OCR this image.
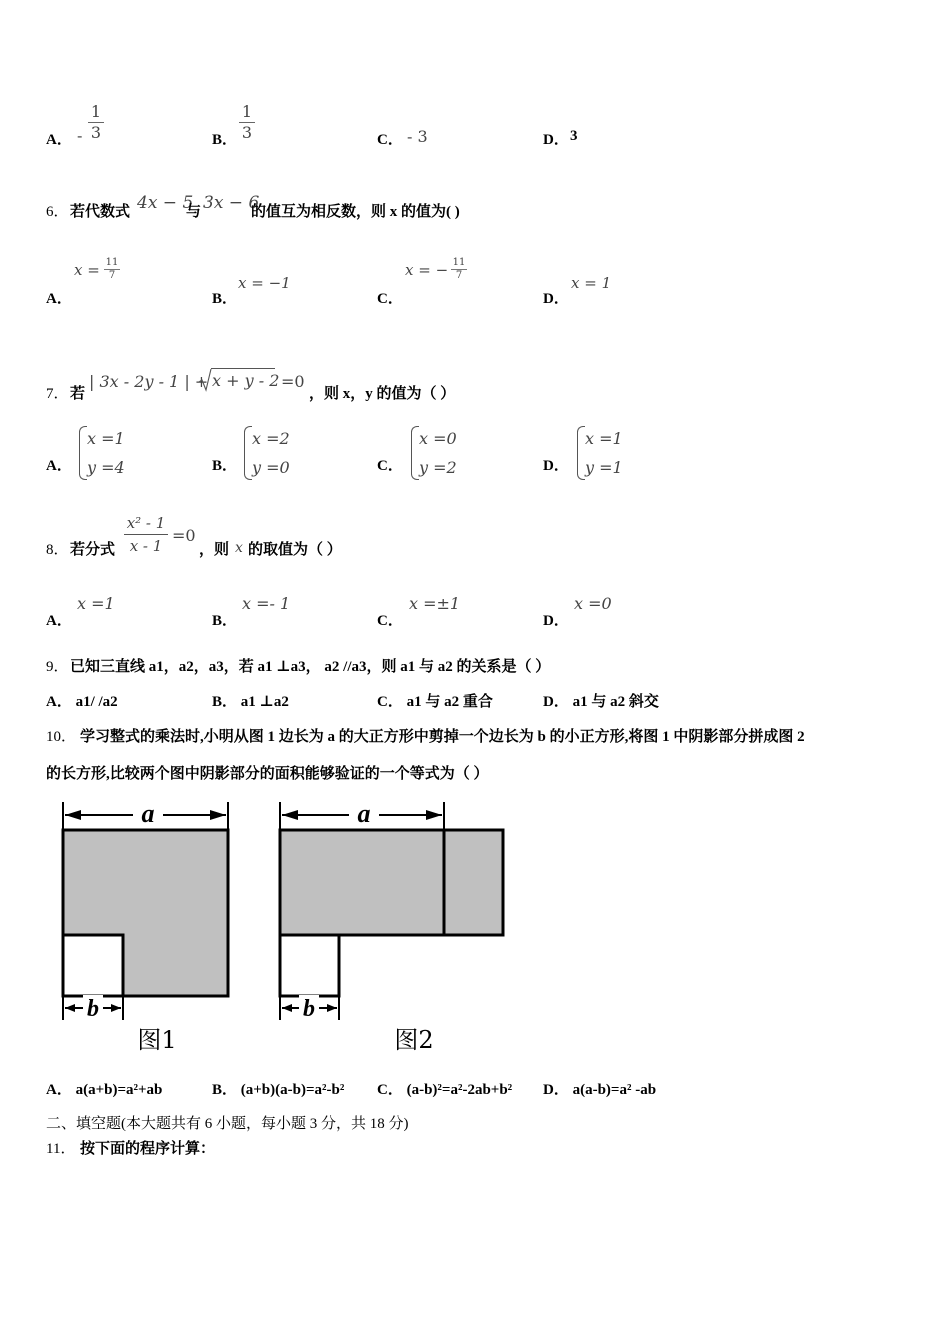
A． - $\frac{1}{3}$	B． $\frac{1}{3}$	C． - 3	D． 3
6． 若代数式 4x − 5
与 3x − 6
的值互为相反数，则 x 的值为( )
A．
$x = \frac{11}{7}$
B．
x = −1
C．
x = − $\frac{11}{7}$
D．
x = 1
7． 若
| 3x - 2y - 1 | + x + y - 2 =0
，则 x，y 的值为（ ）
A．
x =1
y =4	B．
x =2
y =0	C．
x =0
y =2	D．
x =1
y =1
8． 若分式 $\frac{\text{x² - 1}}{x - 1} =0$
，则 x 的取值为（ ）
A．
x =1
B．
x =- 1
C．
x =±1
D．
x =0
9． 已知三直线 a1，a2，a3，若 a1 ⊥a3， a2 //a3，则 a1 与 a2 的关系是（ ）
A． a1/ /a2	B． a1 ⊥a2	C． a1 与 a2 重合	D． a1 与 a2 斜交
10． 学习整式的乘法时,小明从图 1 边长为 a 的大正方形中剪掉一个边长为 b 的小正方形,将图 1 中阴影部分拼成图 2
的长方形,比较两个图中阴影部分的面积能够验证的一个等式为（ ）
a
b
图1
a
b
图2
A． a(a+b)=a²+ab	B． (a+b)(a-b)=a²-b² C． (a-b)²=a²-2ab+b² D． a(a-b)=a² -ab
二、填空题(本大题共有 6 小题，每小题 3 分，共 18 分)
11． 按下面的程序计算：
